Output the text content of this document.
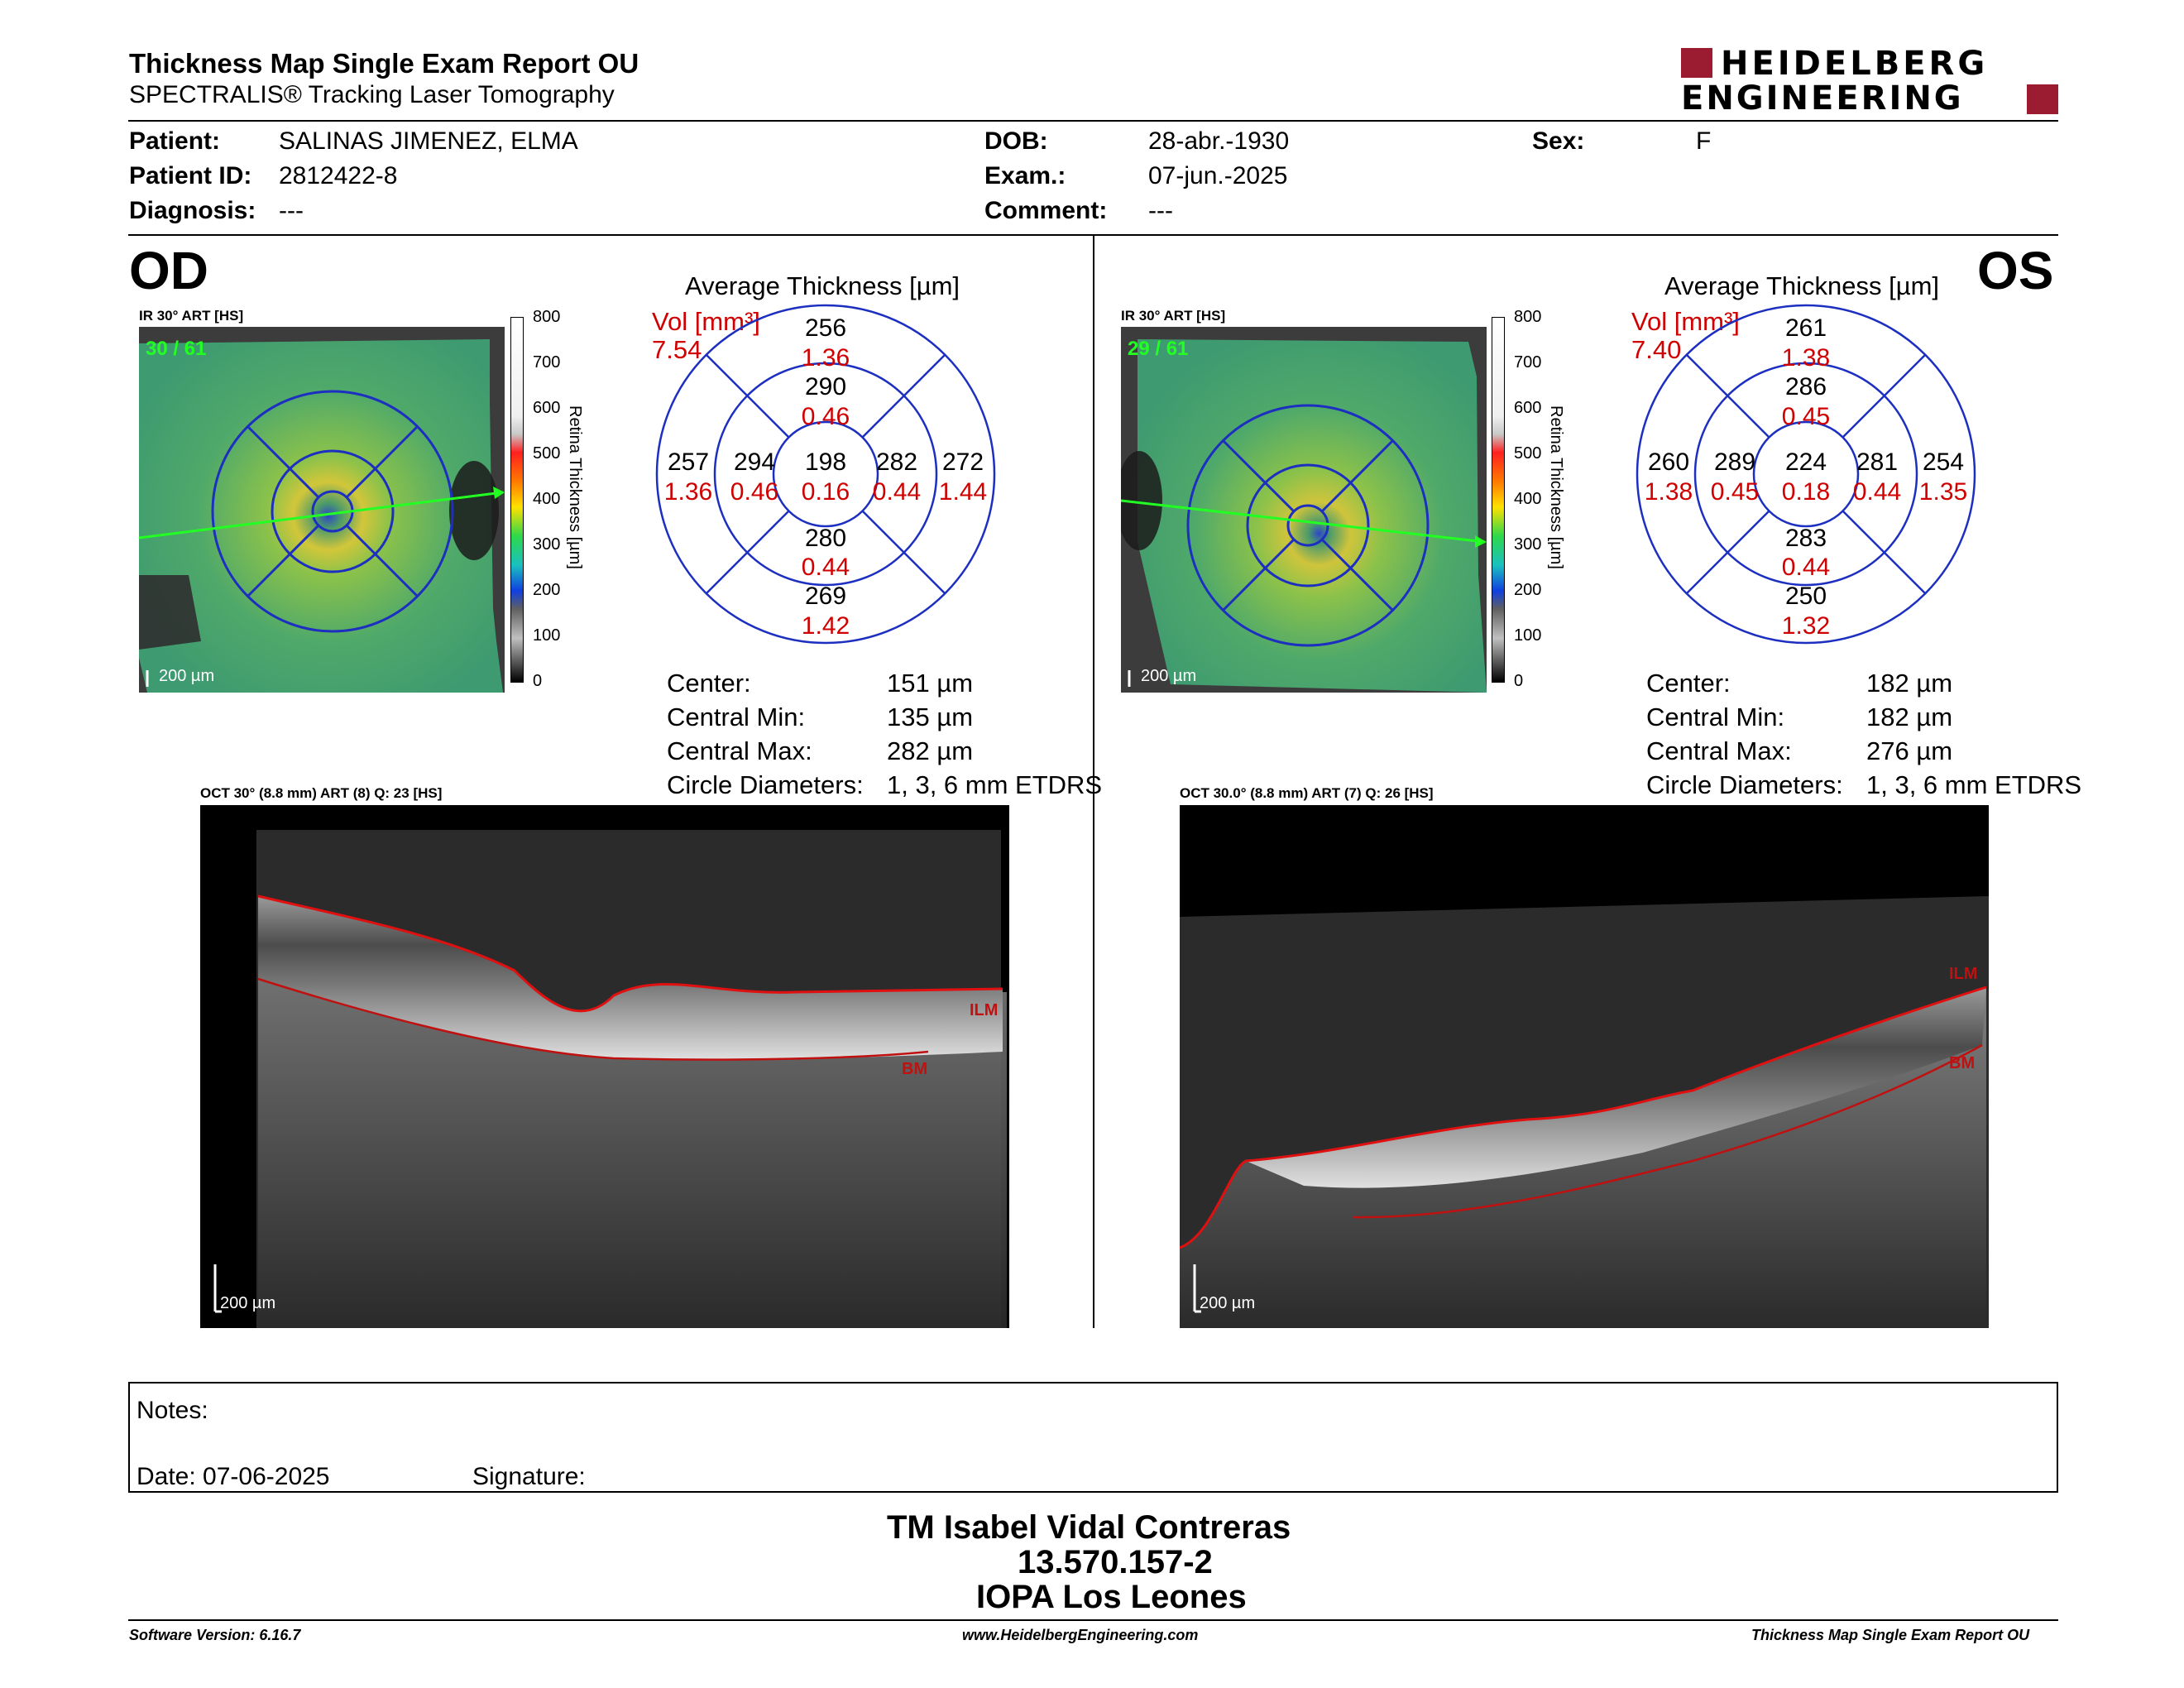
Thickness Map Single Exam Report OU
SPECTRALIS® Tracking Laser Tomography
HEIDELBERG
ENGINEERING
Patient: SALINAS JIMENEZ, ELMA
Patient ID: 2812422-8
Diagnosis: ---
DOB:	28-abr.-1930
Exam.:	07-jun.-2025
Comment: ---
Sex:	F
OD
IR 30° ART [HS]
30 / 61
200 µm
800
700
600
500
400
300
200
100
0
Retina Thickness [µm]
Average Thickness [µm]
Vol [mm³]
7.54
256
1.36
290
0.46
198
0.16
294
0.46
282
0.44
257
1.36
272
1.44
280
0.44
269
1.42
Center:	151 µm
Central Min:	135 µm
Central Max:	282 µm
Circle Diameters: 1, 3, 6 mm ETDRS
OCT 30° (8.8 mm) ART (8) Q: 23 [HS]
ILM
BM
200 µm
OS
IR 30° ART [HS]
29 / 61
200 µm
800
700
600
500
400
300
200
100
0
Retina Thickness [µm]
Average Thickness [µm]
Vol [mm³]
7.40
261
1.38
286
0.45
224
0.18
289
0.45
281
0.44
260
1.38
254
1.35
283
0.44
250
1.32
Center:	182 µm
Central Min:	182 µm
Central Max:	276 µm
Circle Diameters: 1, 3, 6 mm ETDRS
OCT 30.0° (8.8 mm) ART (7) Q: 26 [HS]
ILM
BM
200 µm
Notes:
Date: 07-06-2025	Signature:
TM Isabel Vidal Contreras
13.570.157-2
IOPA Los Leones
Software Version: 6.16.7	www.HeidelbergEngineering.com	Thickness Map Single Exam Report OU
